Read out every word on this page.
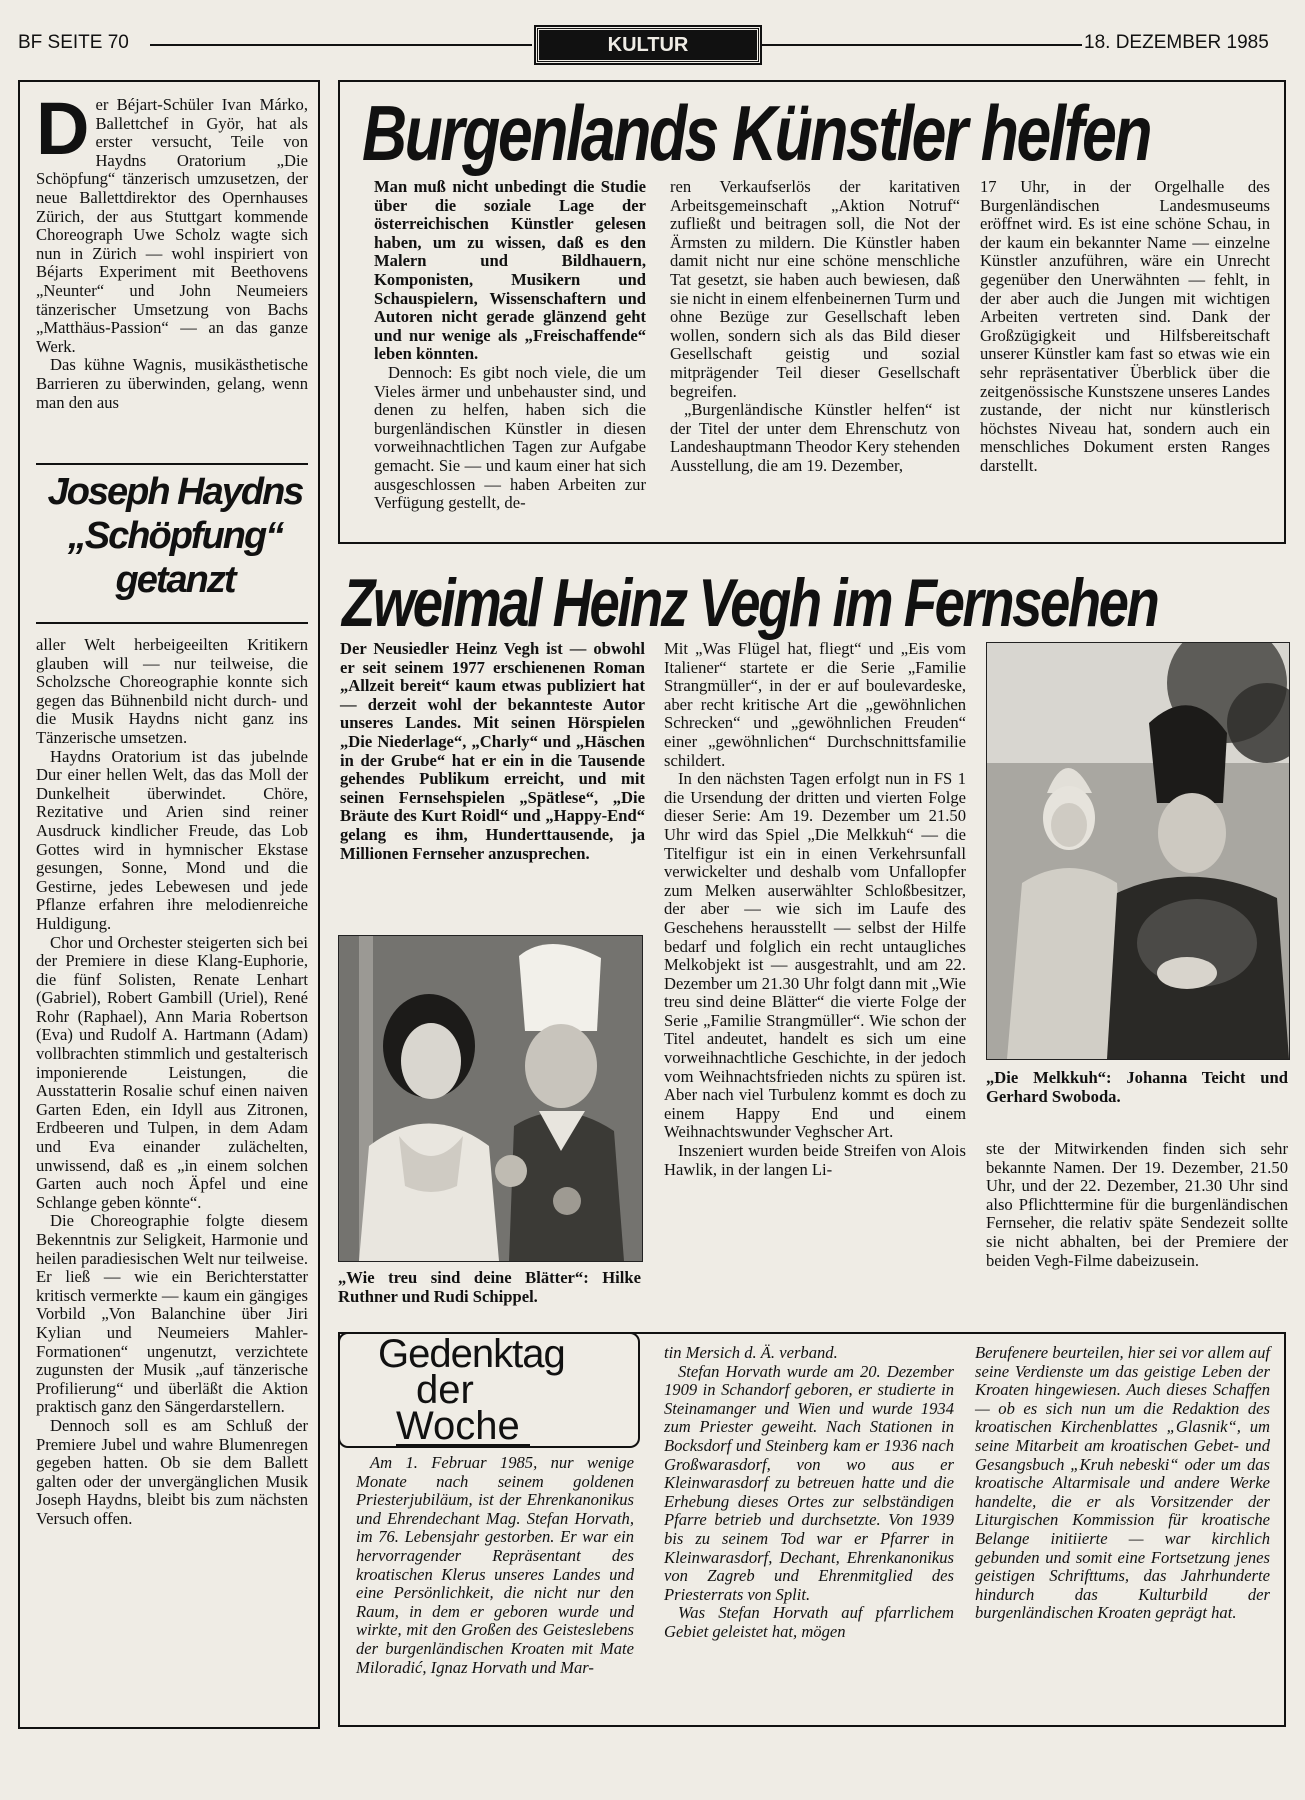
BF SEITE 70	KULTUR	18. DEZEMBER 1985
D er Béjart-Schüler Ivan Márko, Ballettchef in Györ, hat als erster versucht, Teile von Haydns Oratorium „Die Schöpfung“ tänzerisch umzusetzen, der neue Ballettdirektor des Opernhauses Zürich, der aus Stuttgart kommende Choreograph Uwe Scholz wagte sich nun in Zürich — wohl inspiriert von Béjarts Experiment mit Beethovens „Neunter“ und John Neumeiers tänzerischer Umsetzung von Bachs „Matthäus-Passion“ — an das ganze Werk.

Das kühne Wagnis, musikästhetische Barrieren zu überwinden, gelang, wenn man den aus

Joseph Haydns
„Schöpfung“
getanzt

aller Welt herbeigeeilten Kritikern glauben will — nur teilweise, die Scholzsche Choreographie konnte sich gegen das Bühnenbild nicht durch- und die Musik Haydns nicht ganz ins Tänzerische umsetzen.

Haydns Oratorium ist das jubelnde Dur einer hellen Welt, das das Moll der Dunkelheit überwindet. Chöre, Rezitative und Arien sind reiner Ausdruck kindlicher Freude, das Lob Gottes wird in hymnischer Ekstase gesungen, Sonne, Mond und die Gestirne, jedes Lebewesen und jede Pflanze erfahren ihre melodienreiche Huldigung.

Chor und Orchester steigerten sich bei der Premiere in diese Klang-Euphorie, die fünf Solisten, Renate Lenhart (Gabriel), Robert Gambill (Uriel), René Rohr (Raphael), Ann Maria Robertson (Eva) und Rudolf A. Hartmann (Adam) vollbrachten stimmlich und gestalterisch imponierende Leistungen, die Ausstatterin Rosalie schuf einen naiven Garten Eden, ein Idyll aus Zitronen, Erdbeeren und Tulpen, in dem Adam und Eva einander zulächelten, unwissend, daß es „in einem solchen Garten auch noch Äpfel und eine Schlange geben könnte“.

Die Choreographie folgte diesem Bekenntnis zur Seligkeit, Harmonie und heilen paradiesischen Welt nur teilweise. Er ließ — wie ein Berichterstatter kritisch vermerkte — kaum ein gängiges Vorbild „Von Balanchine über Jiri Kylian und Neumeiers Mahler-Formationen“ ungenutzt, verzichtete zugunsten der Musik „auf tänzerische Profilierung“ und überläßt die Aktion praktisch ganz den Sängerdarstellern.

Dennoch soll es am Schluß der Premiere Jubel und wahre Blumenregen gegeben hatten. Ob sie dem Ballett galten oder der unvergänglichen Musik Joseph Haydns, bleibt bis zum nächsten Versuch offen.

Burgenlands Künstler helfen

Man muß nicht unbedingt die Studie über die soziale Lage der österreichischen Künstler gelesen haben, um zu wissen, daß es den Malern und Bildhauern, Komponisten, Musikern und Schauspielern, Wissenschaftern und Autoren nicht gerade glänzend geht und nur wenige als „Freischaffende“ leben könnten.

Dennoch: Es gibt noch viele, die um Vieles ärmer und unbehauster sind, und denen zu helfen, haben sich die burgenländischen Künstler in diesen vorweihnachtlichen Tagen zur Aufgabe gemacht. Sie — und kaum einer hat sich ausgeschlossen — haben Arbeiten zur Verfügung gestellt, de-

ren Verkaufserlös der karitativen Arbeitsgemeinschaft „Aktion Notruf“ zufließt und beitragen soll, die Not der Ärmsten zu mildern. Die Künstler haben damit nicht nur eine schöne menschliche Tat gesetzt, sie haben auch bewiesen, daß sie nicht in einem elfenbeinernen Turm und ohne Bezüge zur Gesellschaft leben wollen, sondern sich als das Bild dieser Gesellschaft geistig und sozial mitprägender Teil dieser Gesellschaft begreifen.

„Burgenländische Künstler helfen“ ist der Titel der unter dem Ehrenschutz von Landeshauptmann Theodor Kery stehenden Ausstellung, die am 19. Dezember,

17 Uhr, in der Orgelhalle des Burgenländischen Landesmuseums eröffnet wird. Es ist eine schöne Schau, in der kaum ein bekannter Name — einzelne Künstler anzuführen, wäre ein Unrecht gegenüber den Unerwähnten — fehlt, in der aber auch die Jungen mit wichtigen Arbeiten vertreten sind. Dank der Großzügigkeit und Hilfsbereitschaft unserer Künstler kam fast so etwas wie ein sehr repräsentativer Überblick über die zeitgenössische Kunstszene unseres Landes zustande, der nicht nur künstlerisch höchstes Niveau hat, sondern auch ein menschliches Dokument ersten Ranges darstellt.

Zweimal Heinz Vegh im Fernsehen

Der Neusiedler Heinz Vegh ist — obwohl er seit seinem 1977 erschienenen Roman „Allzeit bereit“ kaum etwas publiziert hat — derzeit wohl der bekannteste Autor unseres Landes. Mit seinen Hörspielen „Die Niederlage“, „Charly“ und „Häschen in der Grube“ hat er ein in die Tausende gehendes Publikum erreicht, und mit seinen Fernsehspielen „Spätlese“, „Die Bräute des Kurt Roidl“ und „Happy-End“ gelang es ihm, Hunderttausende, ja Millionen Fernseher anzusprechen.

„Wie treu sind deine Blätter“: Hilke Ruthner und Rudi Schippel.

Mit „Was Flügel hat, fliegt“ und „Eis vom Italiener“ startete er die Serie „Familie Strangmüller“, in der er auf boulevardeske, aber recht kritische Art die „gewöhnlichen Schrecken“ und „gewöhnlichen Freuden“ einer „gewöhnlichen“ Durchschnittsfamilie schildert.

In den nächsten Tagen erfolgt nun in FS 1 die Ursendung der dritten und vierten Folge dieser Serie: Am 19. Dezember um 21.50 Uhr wird das Spiel „Die Melkkuh“ — die Titelfigur ist ein in einen Verkehrsunfall verwickelter und deshalb vom Unfallopfer zum Melken auserwählter Schloßbesitzer, der aber — wie sich im Laufe des Geschehens herausstellt — selbst der Hilfe bedarf und folglich ein recht untaugliches Melkobjekt ist — ausgestrahlt, und am 22. Dezember um 21.30 Uhr folgt dann mit „Wie treu sind deine Blätter“ die vierte Folge der Serie „Familie Strangmüller“. Wie schon der Titel andeutet, handelt es sich um eine vorweihnachtliche Geschichte, in der jedoch vom Weihnachtsfrieden nichts zu spüren ist. Aber nach viel Turbulenz kommt es doch zu einem Happy End und einem Weihnachtswunder Veghscher Art.

Inszeniert wurden beide Streifen von Alois Hawlik, in der langen Li-

„Die Melkkuh“: Johanna Teicht und Gerhard Swoboda.

ste der Mitwirkenden finden sich sehr bekannte Namen. Der 19. Dezember, 21.50 Uhr, und der 22. Dezember, 21.30 Uhr sind also Pflichttermine für die burgenländischen Fernseher, die relativ späte Sendezeit sollte sie nicht abhalten, bei der Premiere der beiden Vegh-Filme dabeizusein.

Gedenktag
der
Woche

Am 1. Februar 1985, nur wenige Monate nach seinem goldenen Priesterjubiläum, ist der Ehrenkanonikus und Ehrendechant Mag. Stefan Horvath, im 76. Lebensjahr gestorben. Er war ein hervorragender Repräsentant des kroatischen Klerus unseres Landes und eine Persönlichkeit, die nicht nur den Raum, in dem er geboren wurde und wirkte, mit den Großen des Geisteslebens der burgenländischen Kroaten mit Mate Miloradić, Ignaz Horvath und Mar-

tin Mersich d. Ä. verband.

Stefan Horvath wurde am 20. Dezember 1909 in Schandorf geboren, er studierte in Steinamanger und Wien und wurde 1934 zum Priester geweiht. Nach Stationen in Bocksdorf und Steinberg kam er 1936 nach Großwarasdorf, von wo aus er Kleinwarasdorf zu betreuen hatte und die Erhebung dieses Ortes zur selbständigen Pfarre betrieb und durchsetzte. Von 1939 bis zu seinem Tod war er Pfarrer in Kleinwarasdorf, Dechant, Ehrenkanonikus von Zagreb und Ehrenmitglied des Priesterrats von Split.

Was Stefan Horvath auf pfarrlichem Gebiet geleistet hat, mögen

Berufenere beurteilen, hier sei vor allem auf seine Verdienste um das geistige Leben der Kroaten hingewiesen. Auch dieses Schaffen — ob es sich nun um die Redaktion des kroatischen Kirchenblattes „Glasnik“, um seine Mitarbeit am kroatischen Gebet- und Gesangsbuch „Kruh nebeski“ oder um das kroatische Altarmisale und andere Werke handelte, die er als Vorsitzender der Liturgischen Kommission für kroatische Belange initiierte — war kirchlich gebunden und somit eine Fortsetzung jenes geistigen Schrifttums, das Jahrhunderte hindurch das Kulturbild der burgenländischen Kroaten geprägt hat.
